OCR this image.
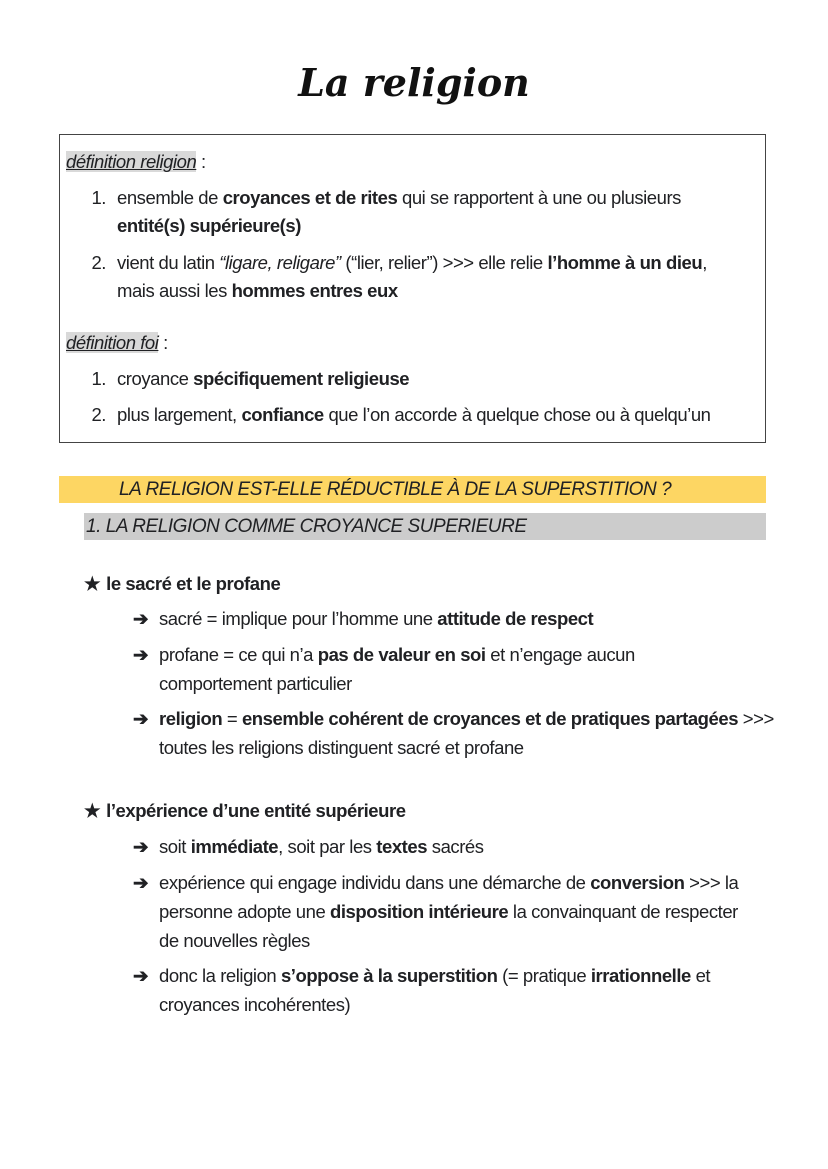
La religion
LA RELIGION EST-ELLE RÉDUCTIBLE À DE LA SUPERSTITION ?
1. LA RELIGION COMME CROYANCE SUPERIEURE
définition religion :
1. ensemble de croyances et de rites qui se rapportent à une ou plusieurs
entité(s) supérieure(s)
2. vient du latin “ligare, religare” (“lier, relier”) >>> elle relie l’homme à un dieu,
mais aussi les hommes entres eux
définition foi :
1. croyance spécifiquement religieuse
2. plus largement, confiance que l’on accorde à quelque chose ou à quelqu’un
★ le sacré et le profane
➔ sacré = implique pour l’homme une attitude de respect
➔ profane = ce qui n’a pas de valeur en soi et n’engage aucun
comportement particulier
➔ religion = ensemble cohérent de croyances et de pratiques partagées >>>
toutes les religions distinguent sacré et profane
★ l’expérience d’une entité supérieure
➔ soit immédiate, soit par les textes sacrés
➔ expérience qui engage individu dans une démarche de conversion >>> la
personne adopte une disposition intérieure la convainquant de respecter
de nouvelles règles
➔ donc la religion s’oppose à la superstition (= pratique irrationnelle et
croyances incohérentes)
